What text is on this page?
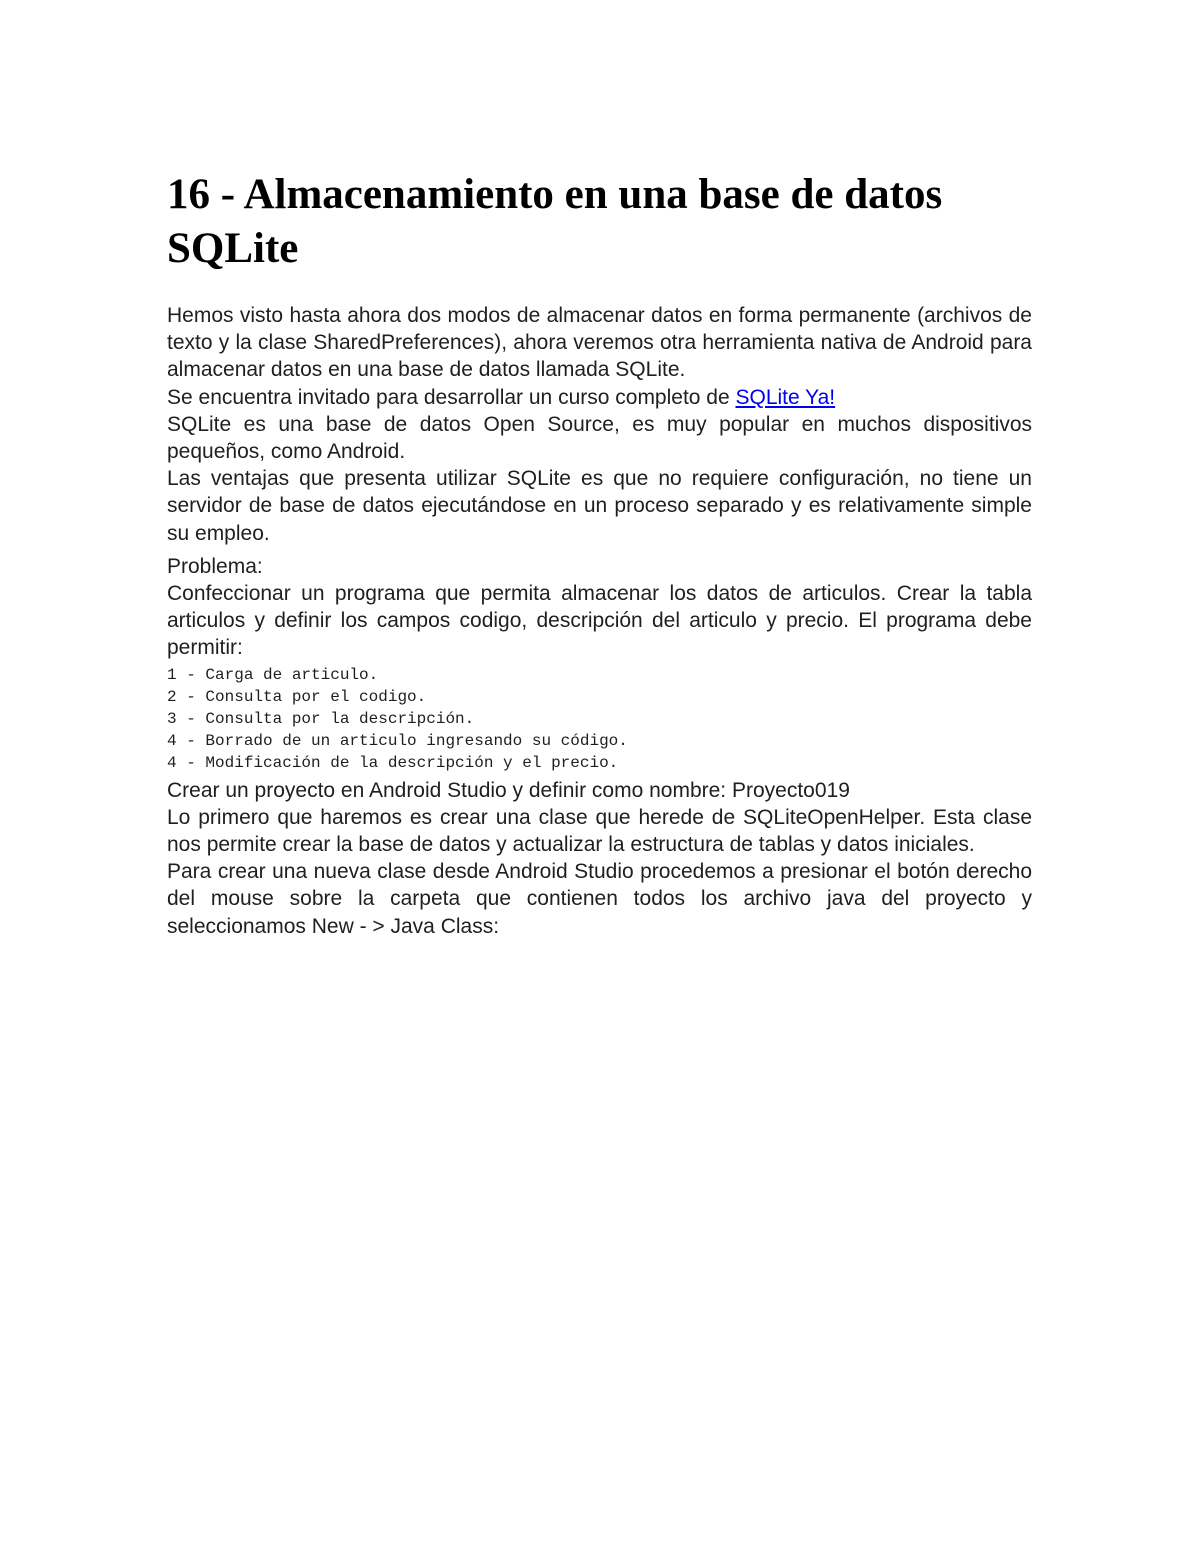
16 - Almacenamiento en una base de datos SQLite

Hemos visto hasta ahora dos modos de almacenar datos en forma permanente (archivos de texto y la clase SharedPreferences), ahora veremos otra herramienta nativa de Android para almacenar datos en una base de datos llamada SQLite.

Se encuentra invitado para desarrollar un curso completo de SQLite Ya!

SQLite es una base de datos Open Source, es muy popular en muchos dispositivos pequeños, como Android.

Las ventajas que presenta utilizar SQLite es que no requiere configuración, no tiene un servidor de base de datos ejecutándose en un proceso separado y es relativamente simple su empleo.

Problema:

Confeccionar un programa que permita almacenar los datos de articulos. Crear la tabla articulos y definir los campos codigo, descripción del articulo y precio. El programa debe permitir:

1 - Carga de articulo.
2 - Consulta por el codigo.
3 - Consulta por la descripción.
4 - Borrado de un articulo ingresando su código.
4 - Modificación de la descripción y el precio.

Crear un proyecto en Android Studio y definir como nombre: Proyecto019

Lo primero que haremos es crear una clase que herede de SQLiteOpenHelper. Esta clase nos permite crear la base de datos y actualizar la estructura de tablas y datos iniciales.

Para crear una nueva clase desde Android Studio procedemos a presionar el botón derecho del mouse sobre la carpeta que contienen todos los archivo java del proyecto y seleccionamos New - > Java Class:
